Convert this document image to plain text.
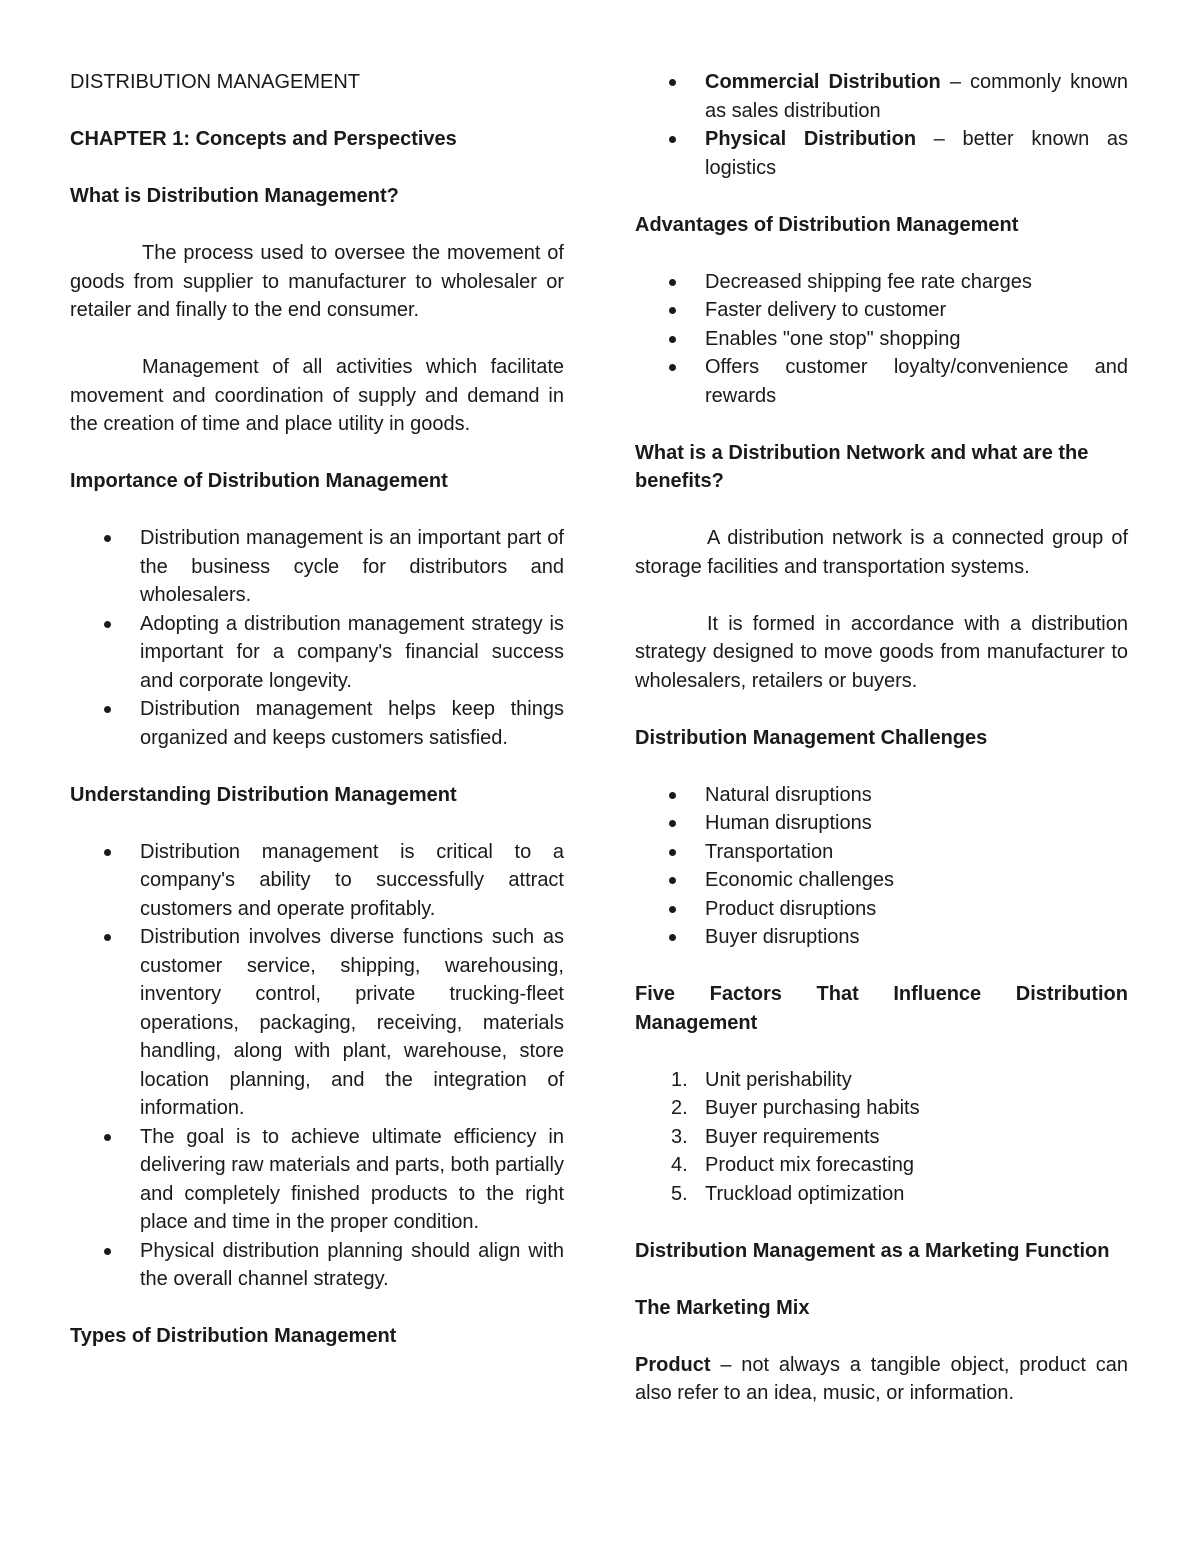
DISTRIBUTION MANAGEMENT

CHAPTER 1: Concepts and Perspectives

What is Distribution Management?

The process used to oversee the movement of goods from supplier to manufacturer to wholesaler or retailer and finally to the end consumer.

Management of all activities which facilitate movement and coordination of supply and demand in the creation of time and place utility in goods.

Importance of Distribution Management

Distribution management is an important part of the business cycle for distributors and wholesalers.
Adopting a distribution management strategy is important for a company's financial success and corporate longevity.
Distribution management helps keep things organized and keeps customers satisfied.

Understanding Distribution Management

Distribution management is critical to a company's ability to successfully attract customers and operate profitably.
Distribution involves diverse functions such as customer service, shipping, warehousing, inventory control, private trucking-fleet operations, packaging, receiving, materials handling, along with plant, warehouse, store location planning, and the integration of information.
The goal is to achieve ultimate efficiency in delivering raw materials and parts, both partially and completely finished products to the right place and time in the proper condition.
Physical distribution planning should align with the overall channel strategy.

Types of Distribution Management

Commercial Distribution – commonly known as sales distribution
Physical Distribution – better known as logistics

Advantages of Distribution Management

Decreased shipping fee rate charges
Faster delivery to customer
Enables "one stop" shopping
Offers customer loyalty/convenience and rewards

What is a Distribution Network and what are the benefits?

A distribution network is a connected group of storage facilities and transportation systems.

It is formed in accordance with a distribution strategy designed to move goods from manufacturer to wholesalers, retailers or buyers.

Distribution Management Challenges

Natural disruptions
Human disruptions
Transportation
Economic challenges
Product disruptions
Buyer disruptions

Five Factors That Influence Distribution Management

1. Unit perishability
2. Buyer purchasing habits
3. Buyer requirements
4. Product mix forecasting
5. Truckload optimization

Distribution Management as a Marketing Function

The Marketing Mix

Product – not always a tangible object, product can also refer to an idea, music, or information.
